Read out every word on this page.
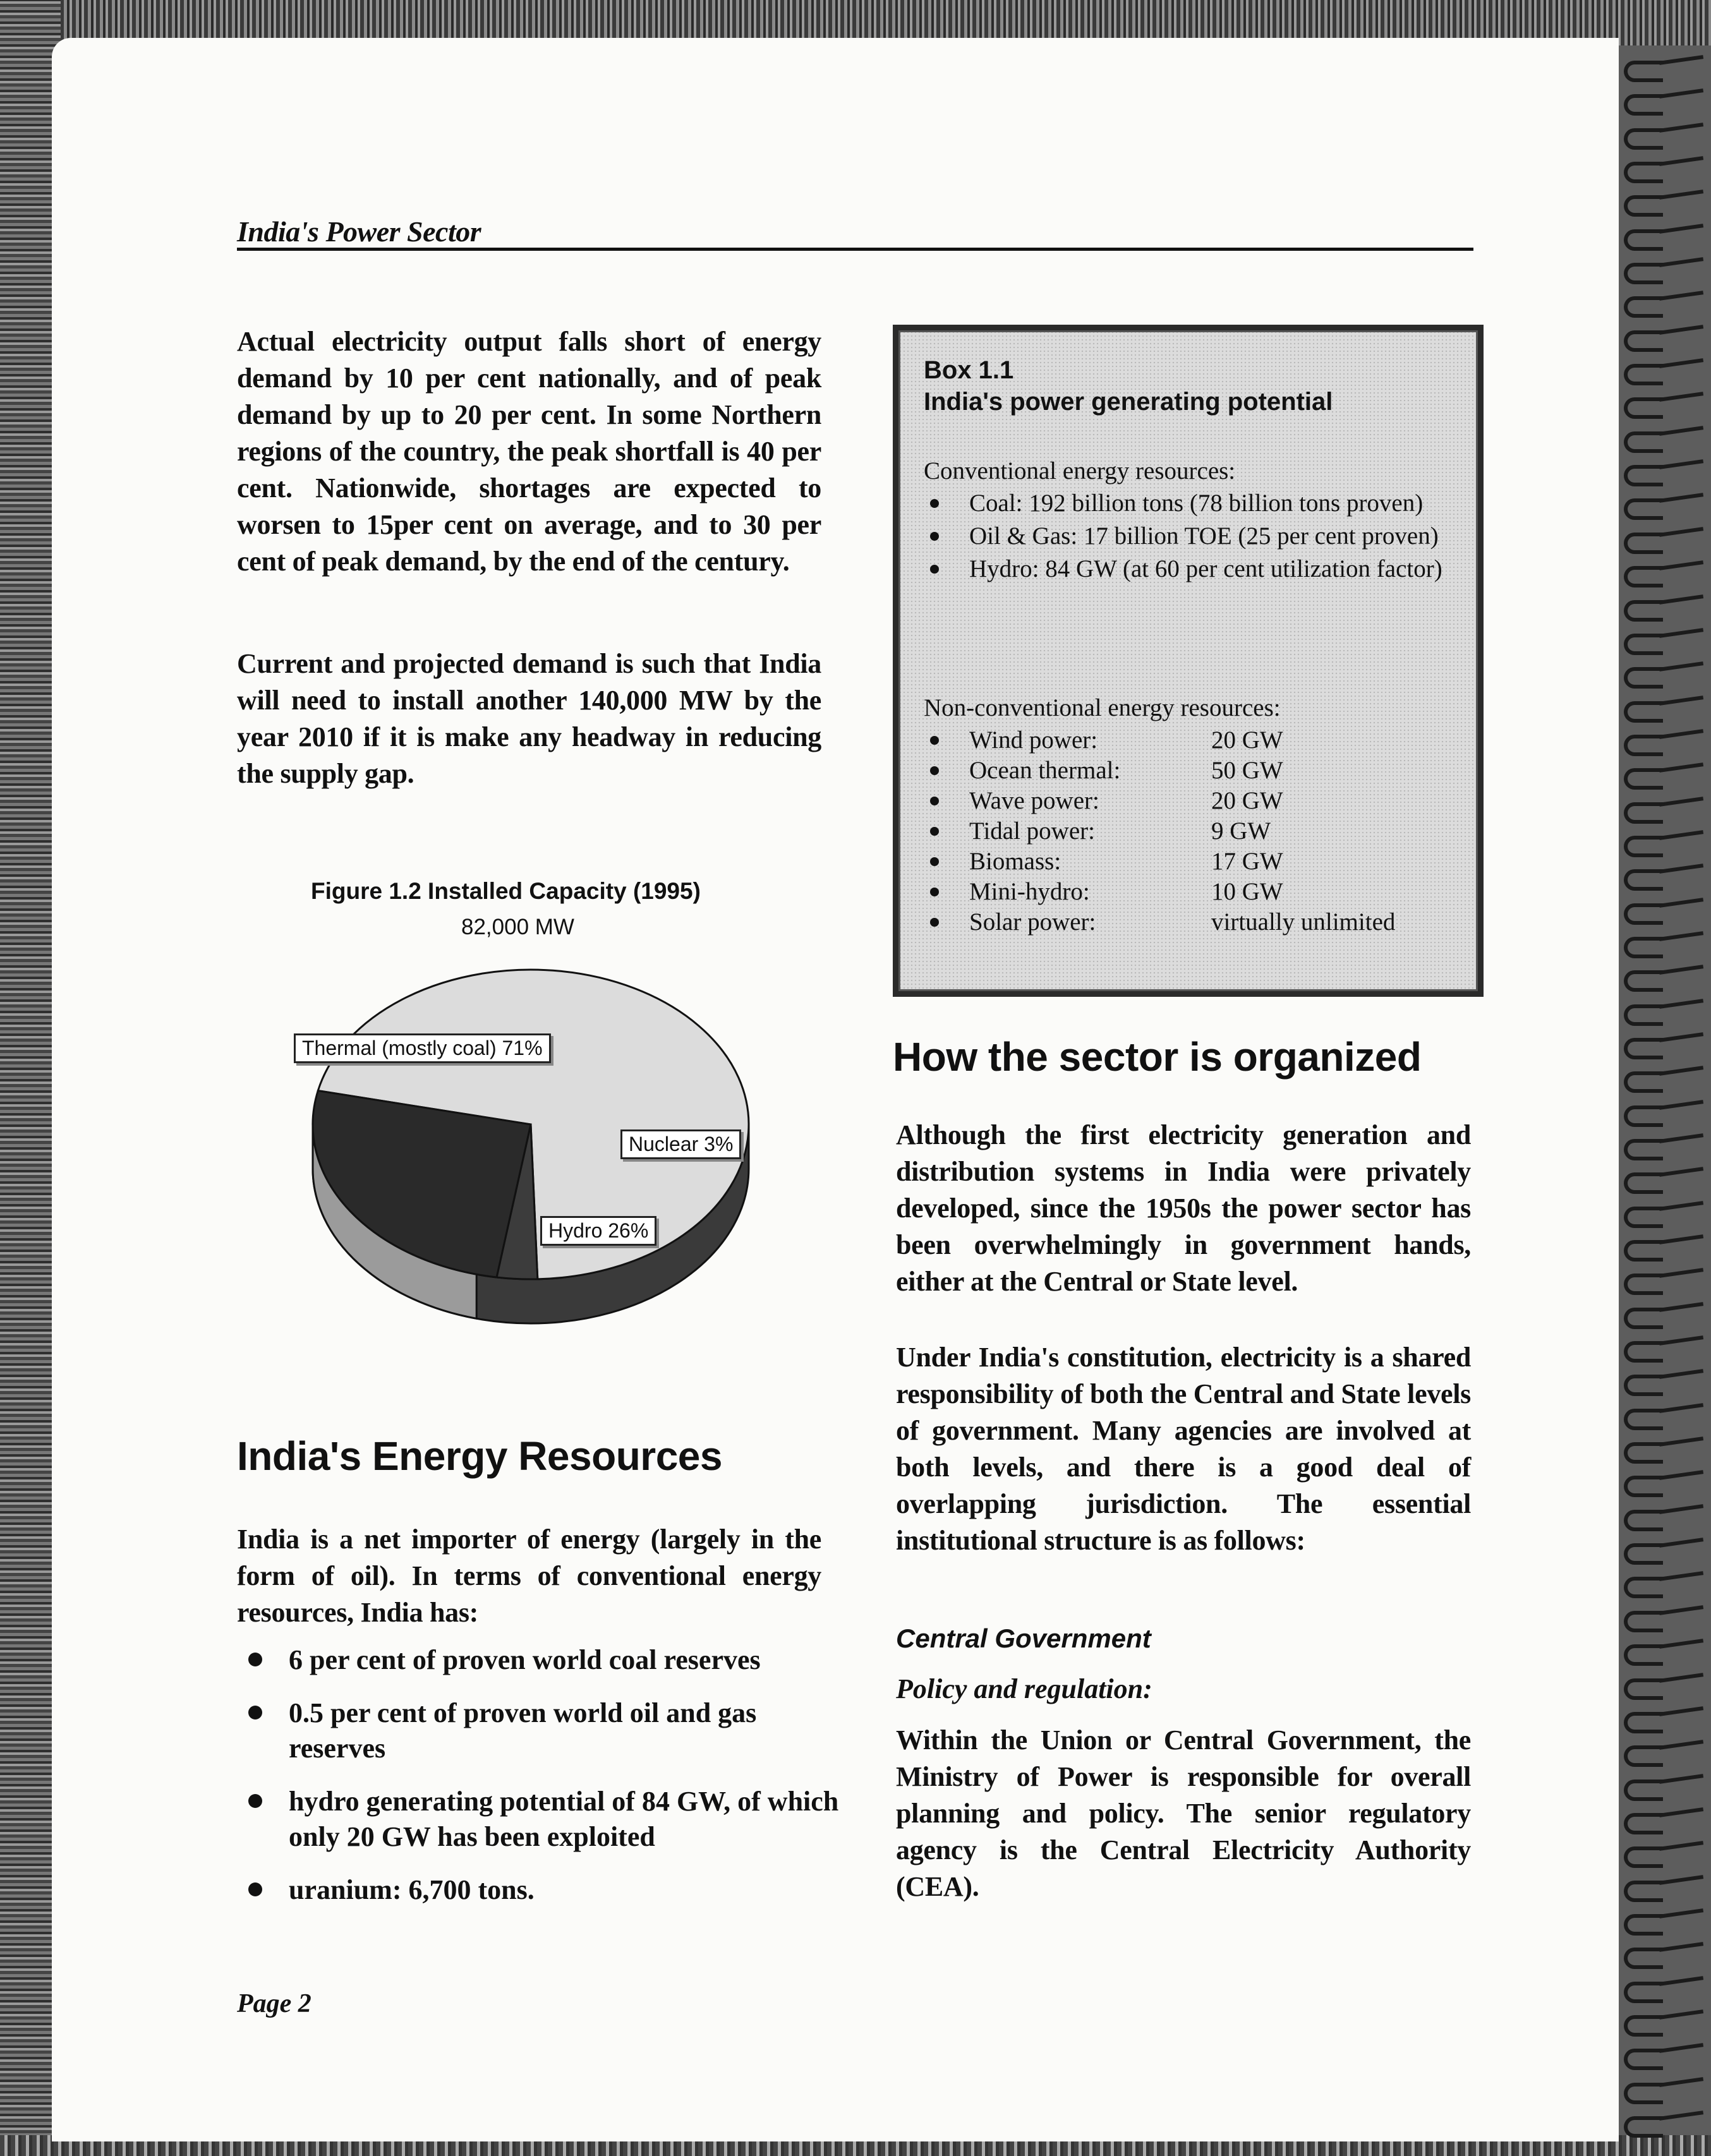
India's Power Sector
Actual electricity output falls short of energy demand by 10 per cent nationally, and of peak demand by up to 20 per cent. In some Northern regions of the country, the peak shortfall is 40 per cent. Nationwide, shortages are expected to worsen to 15per cent on average, and to 30 per cent of peak demand, by the end of the century.
Current and projected demand is such that India will need to install another 140,000 MW by the year 2010 if it is make any headway in reducing the supply gap.
Figure 1.2 Installed Capacity (1995)
82,000 MW
Thermal (mostly coal) 71%
Nuclear 3%
Hydro 26%
India's Energy Resources
India is a net importer of energy (largely in the form of oil). In terms of conventional energy resources, India has:
6 per cent of proven world coal reserves
0.5 per cent of proven world oil and gas reserves
hydro generating potential of 84 GW, of which only 20 GW has been exploited
uranium: 6,700 tons.
Page 2
Box 1.1
India's power generating potential
Conventional energy resources:
Coal: 192 billion tons (78 billion tons proven)
Oil & Gas: 17 billion TOE (25 per cent proven)
Hydro: 84 GW (at 60 per cent utilization factor)
Non-conventional energy resources:
Wind power:	20 GW
Ocean thermal:	50 GW
Wave power:	20 GW
Tidal power:	9 GW
Biomass:	17 GW
Mini-hydro:	10 GW
Solar power:	virtually unlimited
How the sector is organized
Although the first electricity generation and distribution systems in India were privately developed, since the 1950s the power sector has been overwhelmingly in government hands, either at the Central or State level.
Under India's constitution, electricity is a shared responsibility of both the Central and State levels of government. Many agencies are involved at both levels, and there is a good deal of overlapping jurisdiction. The essential institutional structure is as follows:
Central Government
Policy and regulation:
Within the Union or Central Government, the Ministry of Power is responsible for overall planning and policy. The senior regulatory agency is the Central Electricity Authority (CEA).
